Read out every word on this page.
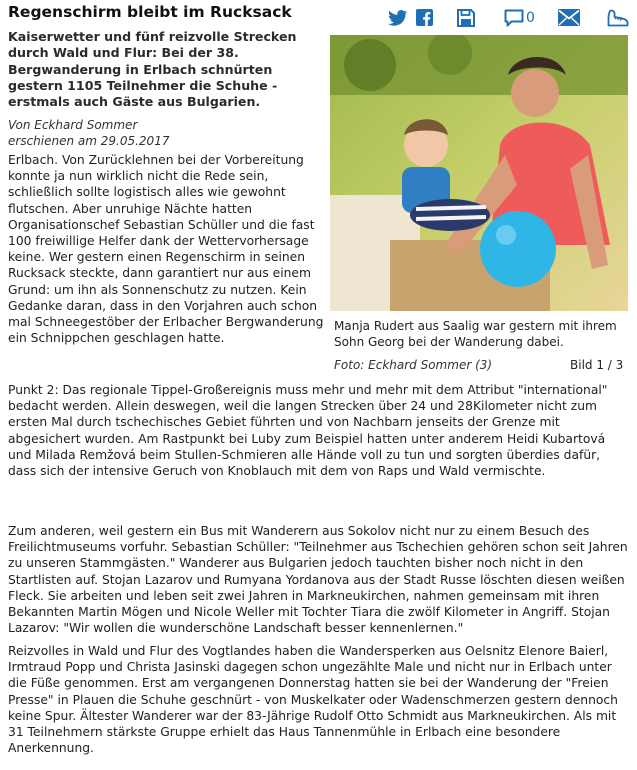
Regenschirm bleibt im Rucksack	0
Kaiserwetter und fünf reizvolle Strecken durch Wald und Flur: Bei der 38. Bergwanderung in Erlbach schnürten gestern 1105 Teilnehmer die Schuhe - erstmals auch Gäste aus Bulgarien.
Von Eckhard Sommer
erschienen am 29.05.2017

Erlbach. Von Zurücklehnen bei der Vorbereitung konnte ja nun wirklich nicht die Rede sein, schließlich sollte logistisch alles wie gewohnt flutschen. Aber unruhige Nächte hatten Organisationschef Sebastian Schüller und die fast 100 freiwillige Helfer dank der Wettervorhersage keine. Wer gestern einen Regenschirm in seinen Rucksack steckte, dann garantiert nur aus einem Grund: um ihn als Sonnenschutz zu nutzen. Kein Gedanke daran, dass in den Vorjahren auch schon mal Schneegestöber der Erlbacher Bergwanderung ein Schnippchen geschlagen hatte.

Manja Rudert aus Saalig war gestern mit ihrem Sohn Georg bei der Wanderung dabei.
Foto: Eckhard Sommer (3)	Bild 1 / 3

Punkt 2: Das regionale Tippel-Großereignis muss mehr und mehr mit dem Attribut "international" bedacht werden. Allein deswegen, weil die langen Strecken über 24 und 28Kilometer nicht zum ersten Mal durch tschechisches Gebiet führten und von Nachbarn jenseits der Grenze mit abgesichert wurden. Am Rastpunkt bei Luby zum Beispiel hatten unter anderem Heidi Kubartová und Milada Remžová beim Stullen-Schmieren alle Hände voll zu tun und sorgten überdies dafür, dass sich der intensive Geruch von Knoblauch mit dem von Raps und Wald vermischte.

Zum anderen, weil gestern ein Bus mit Wanderern aus Sokolov nicht nur zu einem Besuch des Freilichtmuseums vorfuhr. Sebastian Schüller: "Teilnehmer aus Tschechien gehören schon seit Jahren zu unseren Stammgästen." Wanderer aus Bulgarien jedoch tauchten bisher noch nicht in den Startlisten auf. Stojan Lazarov und Rumyana Yordanova aus der Stadt Russe löschten diesen weißen Fleck. Sie arbeiten und leben seit zwei Jahren in Markneukirchen, nahmen gemeinsam mit ihren Bekannten Martin Mögen und Nicole Weller mit Tochter Tiara die zwölf Kilometer in Angriff. Stojan Lazarov: "Wir wollen die wunderschöne Landschaft besser kennenlernen."

Reizvolles in Wald und Flur des Vogtlandes haben die Wandersperken aus Oelsnitz Elenore Baierl, Irmtraud Popp und Christa Jasinski dagegen schon ungezählte Male und nicht nur in Erlbach unter die Füße genommen. Erst am vergangenen Donnerstag hatten sie bei der Wanderung der "Freien Presse" in Plauen die Schuhe geschnürt - von Muskelkater oder Wadenschmerzen gestern dennoch keine Spur. Ältester Wanderer war der 83-Jährige Rudolf Otto Schmidt aus Markneukirchen. Als mit 31 Teilnehmern stärkste Gruppe erhielt das Haus Tannenmühle in Erlbach eine besondere Anerkennung.
